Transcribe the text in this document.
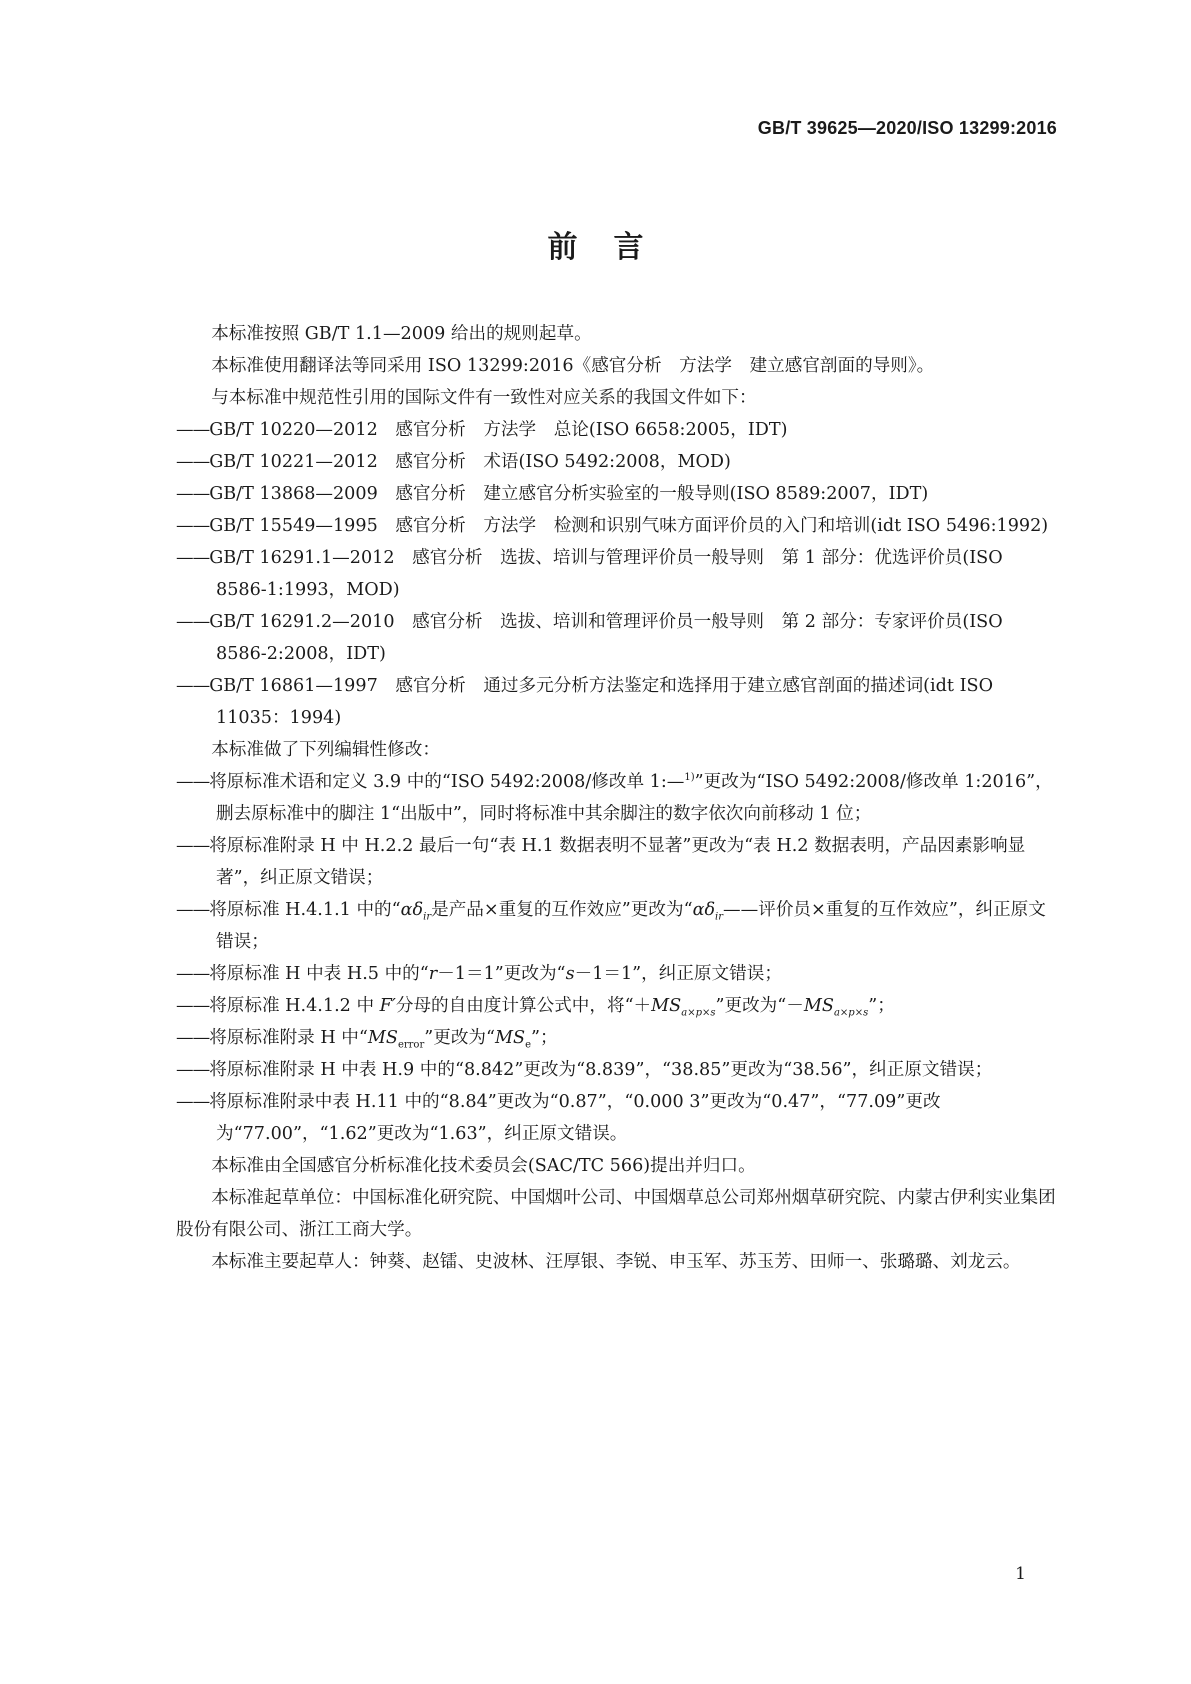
GB/T 39625—2020/ISO 13299:2016
前言

本标准按照 GB/T 1.1—2009 给出的规则起草。

本标准使用翻译法等同采用 ISO 13299:2016《感官分析　方法学　建立感官剖面的导则》。

与本标准中规范性引用的国际文件有一致性对应关系的我国文件如下：

——GB/T 10220—2012　感官分析　方法学　总论(ISO 6658:2005，IDT)

——GB/T 10221—2012　感官分析　术语(ISO 5492:2008，MOD)

——GB/T 13868—2009　感官分析　建立感官分析实验室的一般导则(ISO 8589:2007，IDT)

——GB/T 15549—1995　感官分析　方法学　检测和识别气味方面评价员的入门和培训(idt ISO 5496:1992)

——GB/T 16291.1—2012　感官分析　选拔、培训与管理评价员一般导则　第 1 部分：优选评价员(ISO 8586-1:1993，MOD)

——GB/T 16291.2—2010　感官分析　选拔、培训和管理评价员一般导则　第 2 部分：专家评价员(ISO 8586-2:2008，IDT)

——GB/T 16861—1997　感官分析　通过多元分析方法鉴定和选择用于建立感官剖面的描述词(idt ISO 11035：1994)

本标准做了下列编辑性修改：

——将原标准术语和定义 3.9 中的“ISO 5492:2008/修改单 1:—$^{1)}$”更改为“ISO 5492:2008/修改单 1:2016”，删去原标准中的脚注 1“出版中”，同时将标准中其余脚注的数字依次向前移动 1 位；

——将原标准附录 H 中 H.2.2 最后一句“表 H.1 数据表明不显著”更改为“表 H.2 数据表明，产品因素影响显著”，纠正原文错误；

——将原标准 H.4.1.1 中的“$\alpha\delta_{ir}$是产品×重复的互作效应”更改为“$\alpha\delta_{ir}——$评价员×重复的互作效应”，纠正原文错误；

——将原标准 H 中表 H.5 中的“r－1＝1”更改为“s－1＝1”，纠正原文错误；

——将原标准 H.4.1.2 中 F′分母的自由度计算公式中，将“$+MS_{a\times p\times s}$”更改为“$-MS_{a\times p\times s}$”；

——将原标准附录 H 中“$MS_{error}$”更改为“$MS_e$”；

——将原标准附录 H 中表 H.9 中的“8.842”更改为“8.839”，“38.85”更改为“38.56”，纠正原文错误；

——将原标准附录中表 H.11 中的“8.84”更改为“0.87”，“0.000 3”更改为“0.47”，“77.09”更改为“77.00”，“1.62”更改为“1.63”，纠正原文错误。

本标准由全国感官分析标准化技术委员会(SAC/TC 566)提出并归口。

本标准起草单位：中国标准化研究院、中国烟叶公司、中国烟草总公司郑州烟草研究院、内蒙古伊利实业集团股份有限公司、浙江工商大学。

本标准主要起草人：钟葵、赵镭、史波林、汪厚银、李锐、申玉军、苏玉芳、田师一、张璐璐、刘龙云。

1
